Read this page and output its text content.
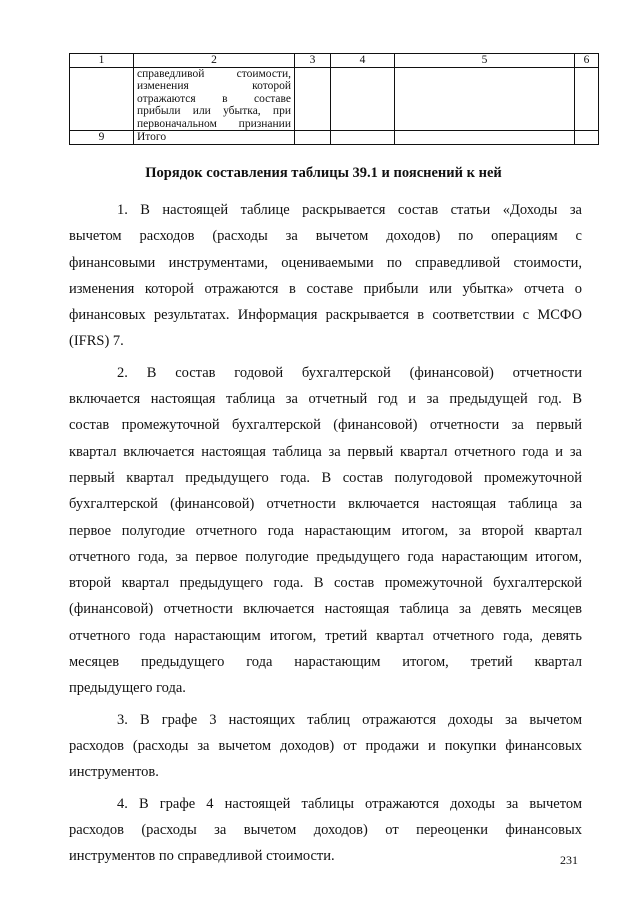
1	2	3	4	5	6

	справедливой стоимости,
изменения которой
отражаются в составе
прибыли или убытка, при
первоначальном признании				

9	Итого				
Порядок составления таблицы 39.1 и пояснений к ней
1. В настоящей таблице раскрывается состав статьи «Доходы за
вычетом расходов (расходы за вычетом доходов) по операциям с
финансовыми инструментами, оцениваемыми по справедливой стоимости,
изменения которой отражаются в составе прибыли или убытка» отчета о
финансовых результатах. Информация раскрывается в соответствии с МСФО
(IFRS) 7.
2. В состав годовой бухгалтерской (финансовой) отчетности
включается настоящая таблица за отчетный год и за предыдущей год. В
состав промежуточной бухгалтерской (финансовой) отчетности за первый
квартал включается настоящая таблица за первый квартал отчетного года и за
первый квартал предыдущего года. В состав полугодовой промежуточной
бухгалтерской (финансовой) отчетности включается настоящая таблица за
первое полугодие отчетного года нарастающим итогом, за второй квартал
отчетного года, за первое полугодие предыдущего года нарастающим итогом,
второй квартал предыдущего года. В состав промежуточной бухгалтерской
(финансовой) отчетности включается настоящая таблица за девять месяцев
отчетного года нарастающим итогом, третий квартал отчетного года, девять
месяцев предыдущего года нарастающим итогом, третий квартал
предыдущего года.
3. В графе 3 настоящих таблиц отражаются доходы за вычетом
расходов (расходы за вычетом доходов) от продажи и покупки финансовых
инструментов.
4. В графе 4 настоящей таблицы отражаются доходы за вычетом
расходов (расходы за вычетом доходов) от переоценки финансовых
инструментов по справедливой стоимости.	231
